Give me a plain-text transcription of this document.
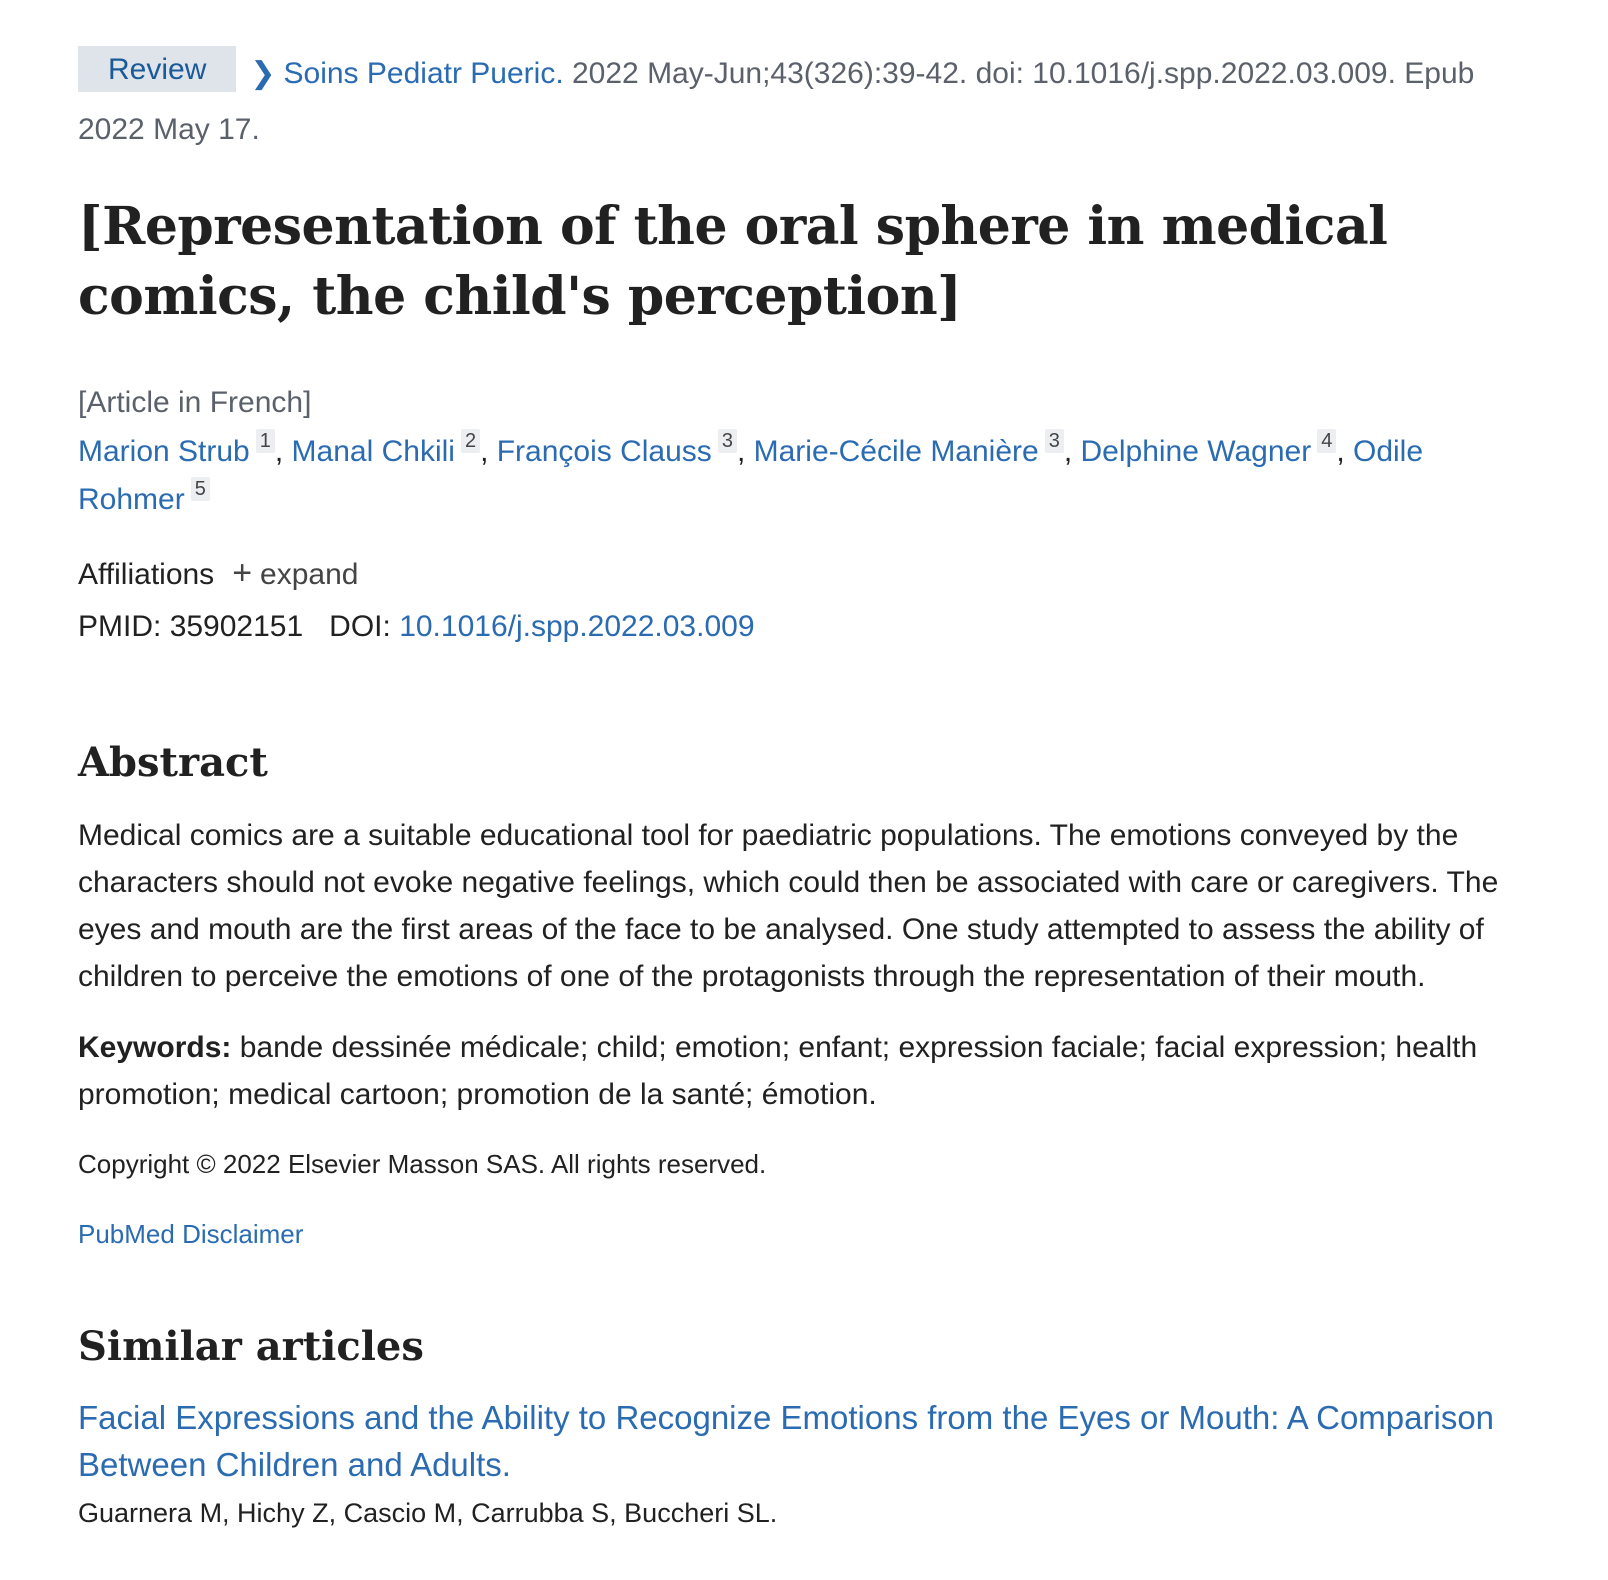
Review ❯ Soins Pediatr Pueric. 2022 May-Jun;43(326):39-42. doi: 10.1016/j.spp.2022.03.009. Epub 2022 May 17.
[Representation of the oral sphere in medical comics, the child's perception]
[Article in French]
Marion Strub 1 , Manal Chkili 2 , François Clauss 3 , Marie-Cécile Manière 3 , Delphine Wagner 4 , Odile Rohmer 5
Affiliations + expand
PMID: 35902151 DOI: 10.1016/j.spp.2022.03.009
Abstract
Medical comics are a suitable educational tool for paediatric populations. The emotions conveyed by the characters should not evoke negative feelings, which could then be associated with care or caregivers. The eyes and mouth are the first areas of the face to be analysed. One study attempted to assess the ability of children to perceive the emotions of one of the protagonists through the representation of their mouth.
Keywords: bande dessinée médicale; child; emotion; enfant; expression faciale; facial expression; health promotion; medical cartoon; promotion de la santé; émotion.
Copyright © 2022 Elsevier Masson SAS. All rights reserved.
PubMed Disclaimer
Similar articles
Facial Expressions and the Ability to Recognize Emotions from the Eyes or Mouth: A Comparison Between Children and Adults.
Guarnera M, Hichy Z, Cascio M, Carrubba S, Buccheri SL.
